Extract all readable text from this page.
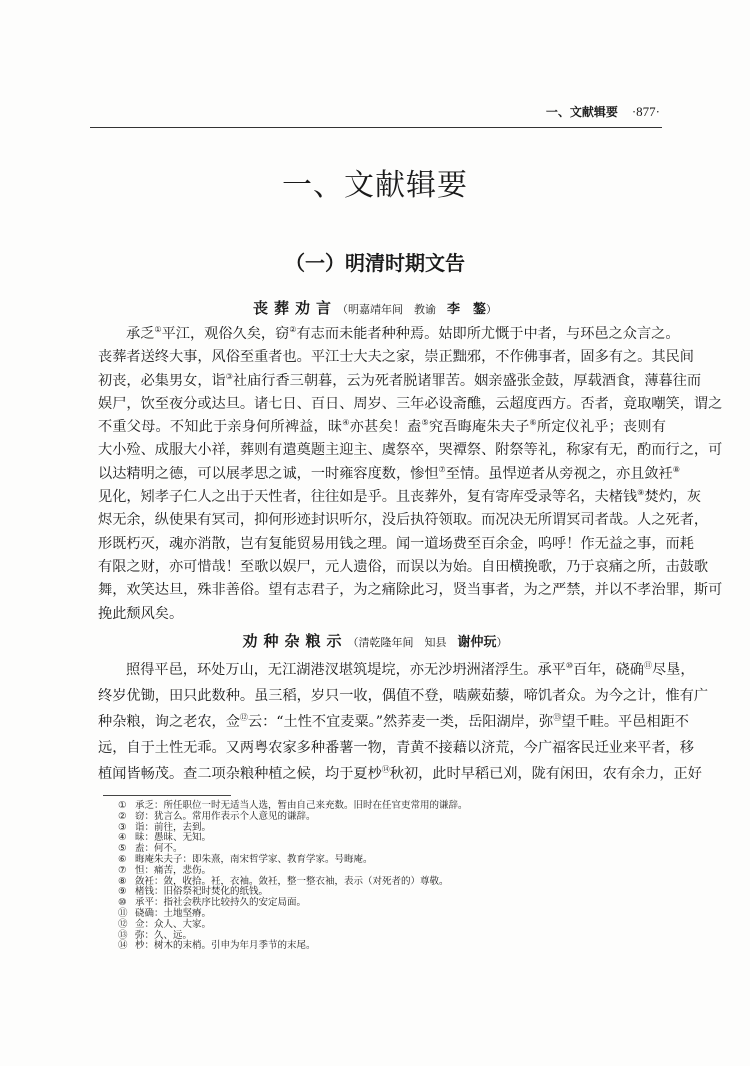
一、文献辑要 ·877·
一、文献辑要
（一）明清时期文告
丧葬劝言（明嘉靖年间　教谕　李　鏊）
承乏①平江，观俗久矣，窃②有志而未能者种种焉。姑即所尤慨于中者，与环邑之众言之。
丧葬者送终大事，风俗至重者也。平江士大夫之家，崇正黜邪，不作佛事者，固多有之。其民间
初丧，必集男女，诣③社庙行香三朝暮，云为死者脱诸罪苦。姻亲盛张金鼓，厚载酒食，薄暮往而
娱尸，饮至夜分或达旦。诸七日、百日、周岁、三年必设斋醮，云超度西方。否者，竟取嘲笑，谓之
不重父母。不知此于亲身何所裨益，昧④亦甚矣！盍⑤究吾晦庵朱夫子⑥所定仪礼乎；丧则有
大小殓、成服大小祥，葬则有遣奠题主迎主、虞祭卒，哭禫祭、附祭等礼，称家有无，酌而行之，可
以达精明之德，可以展孝思之诚，一时雍容度数，惨怛⑦至情。虽悍逆者从旁视之，亦且敛衽⑧
见化，矧孝子仁人之出于天性者，往往如是乎。且丧葬外，复有寄库受录等名，夫楮钱⑨焚灼，灰
烬无余，纵使果有冥司，抑何形迹封识听尔，没后执符领取。而况决无所谓冥司者哉。人之死者，
形既朽灭，魂亦消散，岂有复能贸易用钱之理。闻一道场费至百余金，呜呼！作无益之事，而耗
有限之财，亦可惜哉！至歌以娱尸，元人遗俗，而误以为始。自田横挽歌，乃于哀痛之所，击鼓歌
舞，欢笑达旦，殊非善俗。望有志君子，为之痛除此习，贤当事者，为之严禁，并以不孝治罪，斯可
挽此颓风矣。
劝种杂粮示（清乾隆年间　知县　谢仲玩）
照得平邑，环处万山，无江湖港汊堪筑堤垸，亦无沙坍洲渚浮生。承平⑩百年，硗确⑪尽垦，
终岁优锄，田只此数种。虽三稻，岁只一收，偶值不登，啮蕨茹藜，啼饥者众。为今之计，惟有广
种杂粮，询之老农，佥⑫云：“土性不宜麦粟。”然荞麦一类，岳阳湖岸，弥⑬望千畦。平邑相距不
远，自于土性无乖。又两粤农家多种番薯一物，青黄不接藉以济荒，今广福客民迁业来平者，移
植闻皆畅茂。查二项杂粮种植之候，均于夏杪⑭秋初，此时早稻已刈，陇有闲田，农有余力，正好
① 承乏：所任职位一时无适当人选，暂由自己来充数。旧时在任官吏常用的谦辞。
② 窃：犹言么。常用作表示个人意见的谦辞。
③ 诣：前往，去到。
④ 昧：愚昧、无知。
⑤ 盍：何不。
⑥ 晦庵朱夫子：即朱熹，南宋哲学家、教育学家。号晦庵。
⑦ 怛：痛苦，悲伤。
⑧ 敛衽：敛，收拾。衽，衣袖。敛衽，整一整衣袖，表示（对死者的）尊敬。
⑨ 楮钱：旧俗祭祀时焚化的纸钱。
⑩ 承平：指社会秩序比较持久的安定局面。
⑪ 硗确：土地坚瘠。
⑫ 佥：众人、大家。
⑬ 弥：久、远。
⑭ 杪：树木的末梢。引申为年月季节的末尾。
